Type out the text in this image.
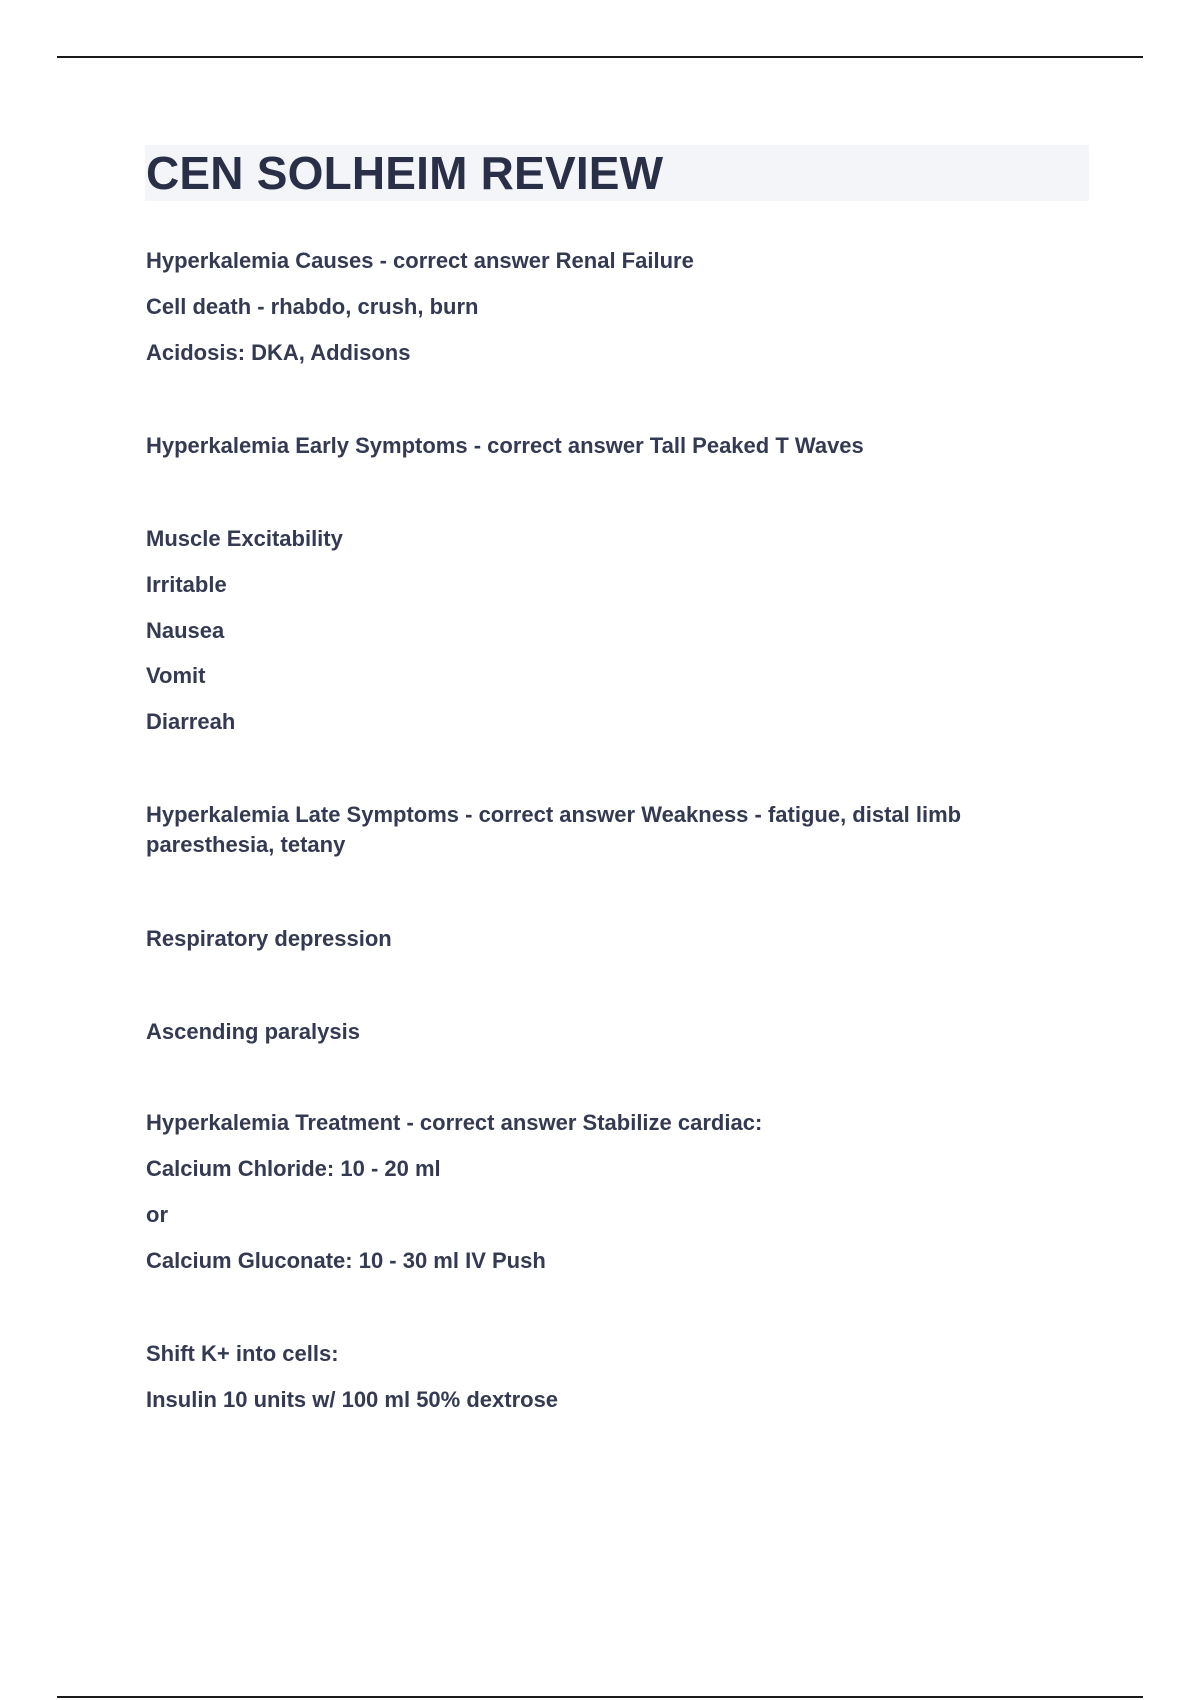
CEN SOLHEIM REVIEW

Hyperkalemia Causes - correct answer Renal Failure

Cell death - rhabdo, crush, burn

Acidosis: DKA, Addisons

Hyperkalemia Early Symptoms - correct answer Tall Peaked T Waves

Muscle Excitability

Irritable

Nausea

Vomit

Diarreah

Hyperkalemia Late Symptoms - correct answer Weakness - fatigue, distal limb paresthesia, tetany

Respiratory depression

Ascending paralysis

Hyperkalemia Treatment - correct answer Stabilize cardiac:

Calcium Chloride: 10 - 20 ml

or

Calcium Gluconate: 10 - 30 ml IV Push

Shift K+ into cells:

Insulin 10 units w/ 100 ml 50% dextrose
